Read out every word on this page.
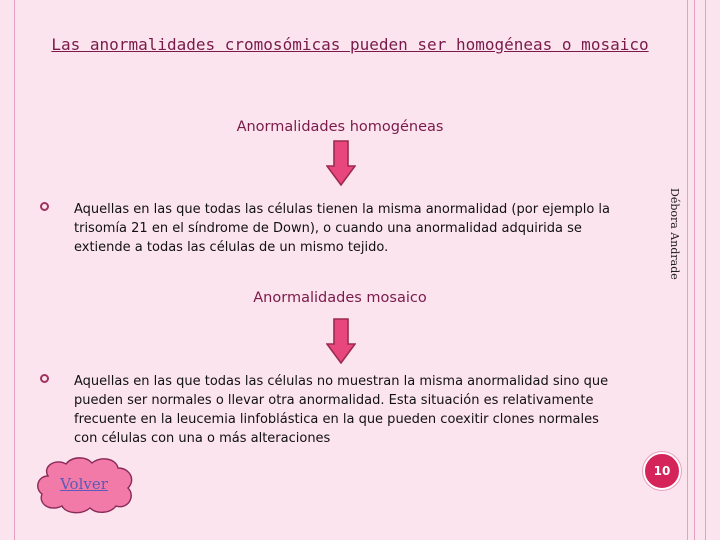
Las anormalidades cromosómicas pueden ser homogéneas o mosaico
Anormalidades homogéneas
Aquellas en las que todas las células tienen la misma anormalidad (por ejemplo la trisomía 21 en el síndrome de Down), o cuando una anormalidad adquirida se extiende a todas las células de un mismo tejido.	Débora Andrade
Anormalidades mosaico
Aquellas en las que todas las células no muestran la misma anormalidad sino que pueden ser normales o llevar otra anormalidad. Esta situación es relativamente frecuente en la leucemia linfoblástica en la que pueden coexitir clones normales con células con una o más alteraciones
Volver
10
